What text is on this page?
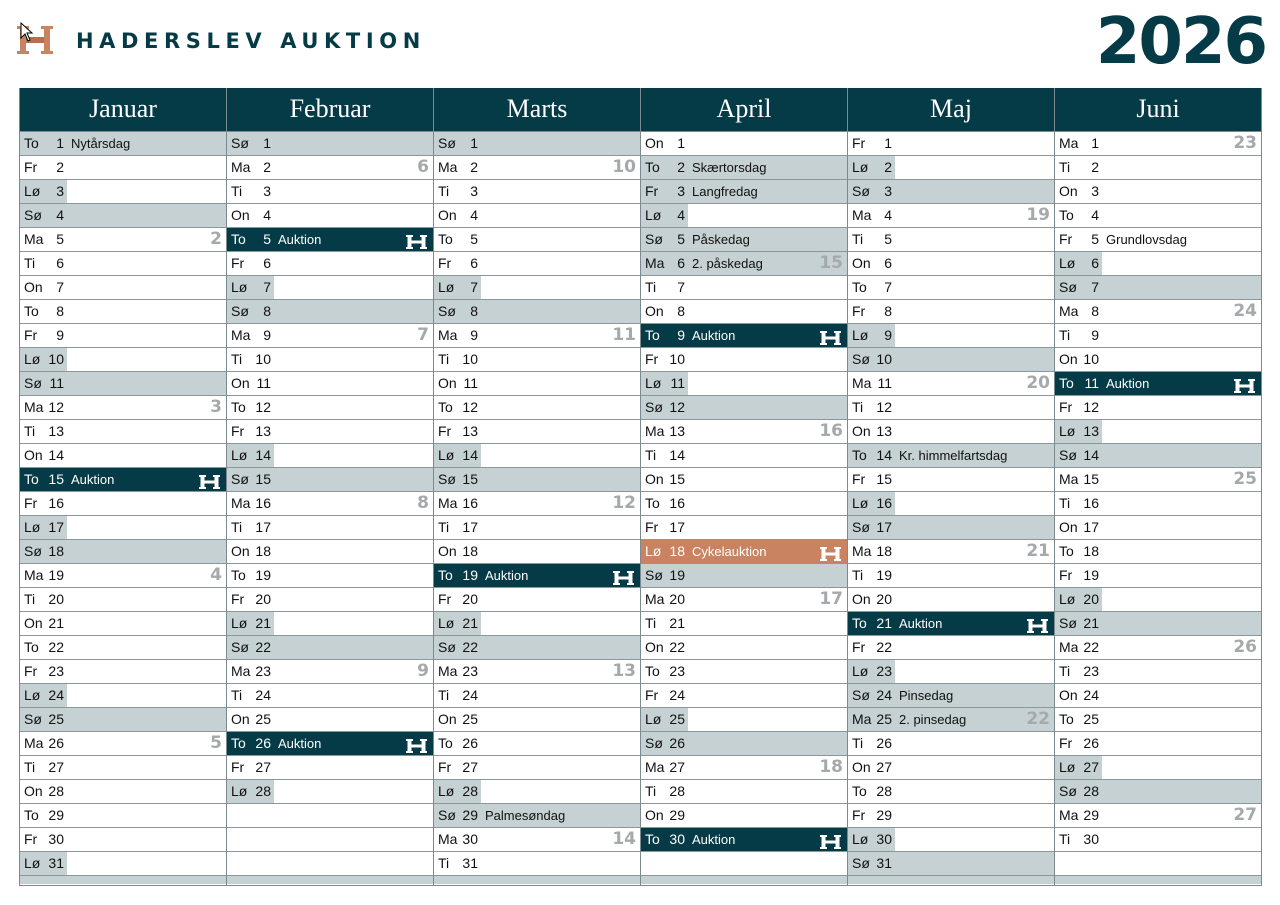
HADERSLEV AUKTION	2026
Januar
To	1 Nytårsdag
Fr	2
Lø	3
Sø	4
Ma 5	2
Ti	6
On 7
To	8
Fr	9
Lø 10
Sø 11
Ma 12	3
Ti 13
On 14
To 15 Auktion
Fr 16
Lø 17
Sø 18
Ma 19	4
Ti 20
On 21
To 22
Fr 23
Lø 24
Sø 25
Ma 26	5
Ti 27
On 28
To 29
Fr 30
Lø 31
Februar
Sø	1
Ma 2	6
Ti	3
On 4
To	5 Auktion
Fr	6
Lø	7
Sø	8
Ma 9	7
Ti 10
On 11
To 12
Fr 13
Lø 14
Sø 15
Ma 16	8
Ti 17
On 18
To 19
Fr 20
Lø 21
Sø 22
Ma 23	9
Ti 24
On 25
To 26 Auktion
Fr 27
Lø 28
Marts
Sø	1
Ma 2	10
Ti	3
On 4
To	5
Fr	6
Lø	7
Sø	8
Ma 9	11
Ti 10
On 11
To 12
Fr 13
Lø 14
Sø 15
Ma 16	12
Ti 17
On 18
To 19 Auktion
Fr 20
Lø 21
Sø 22
Ma 23	13
Ti 24
On 25
To 26
Fr 27
Lø 28
Sø 29 Palmesøndag
Ma 30	14
Ti 31
April
On 1
To	2 Skærtorsdag
Fr	3 Langfredag
Lø	4
Sø	5 Påskedag
Ma 6 2. påskedag	15
Ti	7
On 8
To	9 Auktion
Fr 10
Lø 11
Sø 12
Ma 13	16
Ti 14
On 15
To 16
Fr 17
Lø 18 Cykelauktion
Sø 19
Ma 20	17
Ti 21
On 22
To 23
Fr 24
Lø 25
Sø 26
Ma 27	18
Ti 28
On 29
To 30 Auktion
Maj
Fr	1
Lø	2
Sø	3
Ma 4	19
Ti	5
On 6
To	7
Fr	8
Lø	9
Sø 10
Ma 11	20
Ti 12
On 13
To 14 Kr. himmelfartsdag
Fr 15
Lø 16
Sø 17
Ma 18	21
Ti 19
On 20
To 21 Auktion
Fr 22
Lø 23
Sø 24 Pinsedag
Ma 25 2. pinsedag	22
Ti 26
On 27
To 28
Fr 29
Lø 30
Sø 31
Juni
Ma 1	23
Ti	2
On 3
To	4
Fr	5 Grundlovsdag
Lø	6
Sø	7
Ma 8	24
Ti	9
On 10
To 11 Auktion
Fr 12
Lø 13
Sø 14
Ma 15	25
Ti 16
On 17
To 18
Fr 19
Lø 20
Sø 21
Ma 22	26
Ti 23
On 24
To 25
Fr 26
Lø 27
Sø 28
Ma 29	27
Ti 30
